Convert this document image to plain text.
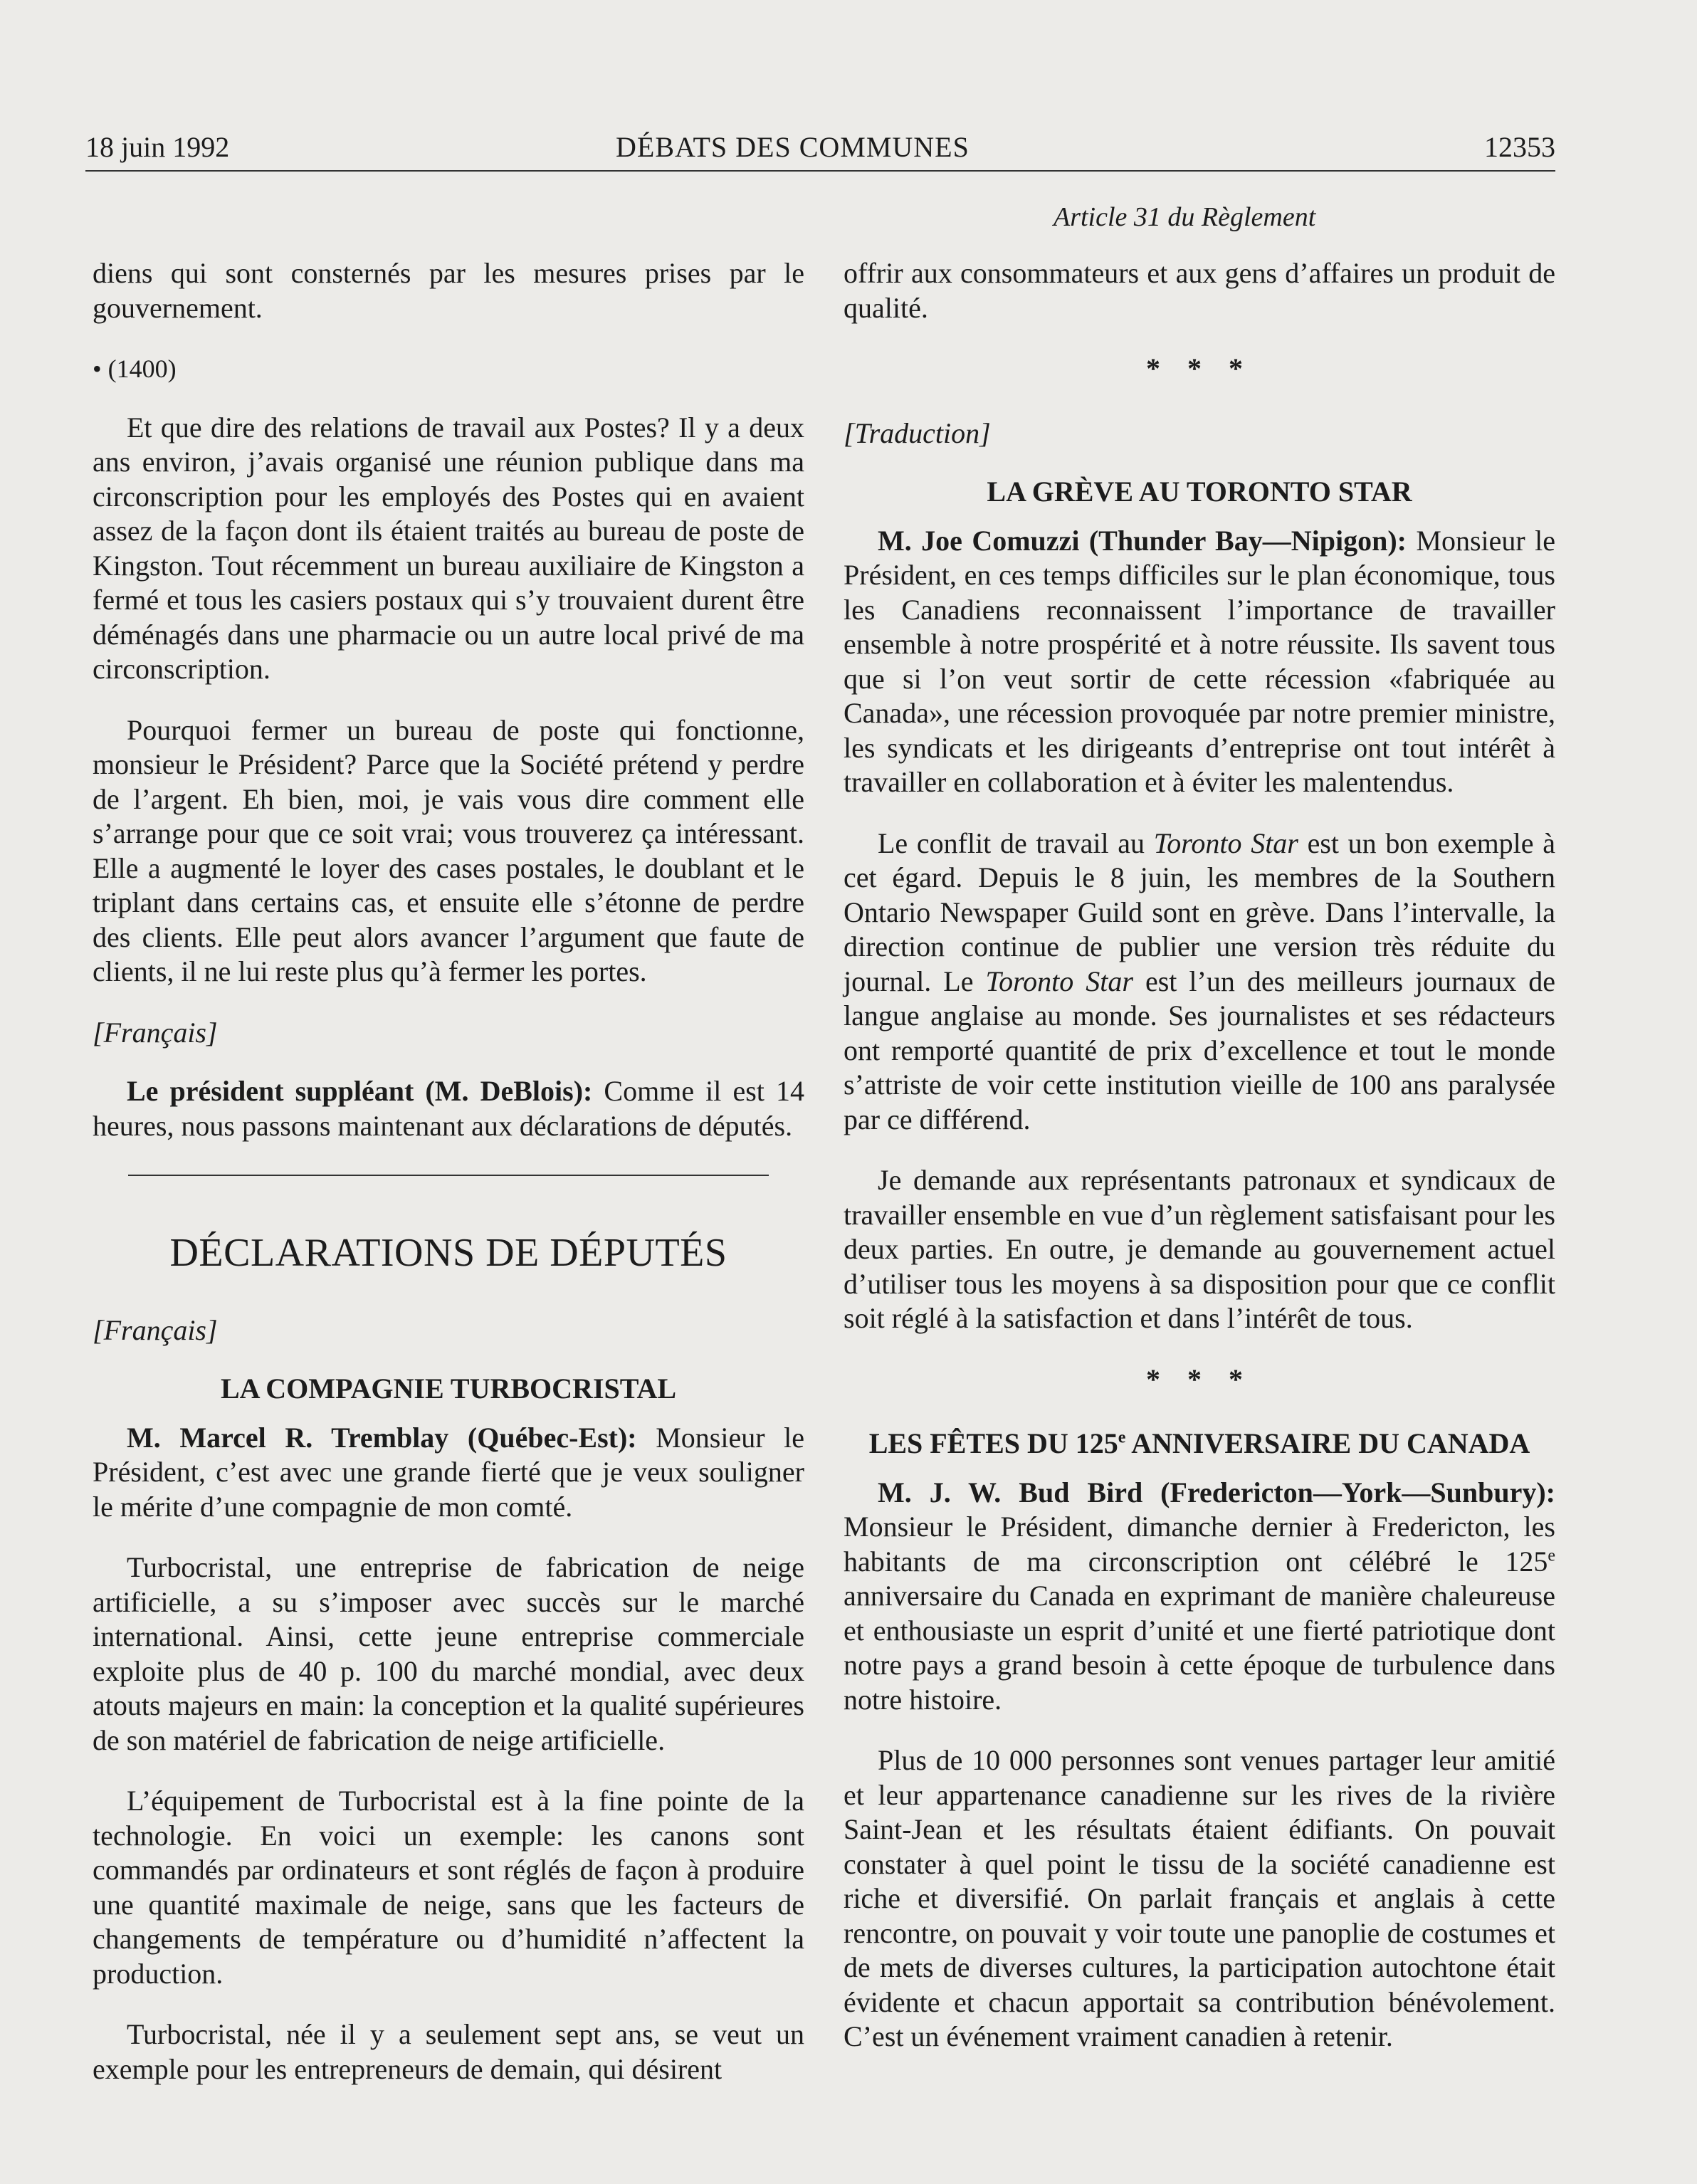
18 juin 1992	DÉBATS DES COMMUNES	12353
Article 31 du Règlement

diens qui sont consternés par les mesures prises par le gouvernement.

• (1400)

Et que dire des relations de travail aux Postes? Il y a deux ans environ, j’avais organisé une réunion publique dans ma circonscription pour les employés des Postes qui en avaient assez de la façon dont ils étaient traités au bureau de poste de Kingston. Tout récemment un bureau auxiliaire de Kingston a fermé et tous les casiers postaux qui s’y trouvaient durent être déménagés dans une pharmacie ou un autre local privé de ma circonscription.

Pourquoi fermer un bureau de poste qui fonctionne, monsieur le Président? Parce que la Société prétend y perdre de l’argent. Eh bien, moi, je vais vous dire comment elle s’arrange pour que ce soit vrai; vous trouverez ça intéressant. Elle a augmenté le loyer des cases postales, le doublant et le triplant dans certains cas, et ensuite elle s’étonne de perdre des clients. Elle peut alors avancer l’argument que faute de clients, il ne lui reste plus qu’à fermer les portes.

[Français]

Le président suppléant (M. DeBlois): Comme il est 14 heures, nous passons maintenant aux déclarations de députés.

DÉCLARATIONS DE DÉPUTÉS
[Français]
LA COMPAGNIE TURBOCRISTAL

M. Marcel R. Tremblay (Québec-Est): Monsieur le Président, c’est avec une grande fierté que je veux souligner le mérite d’une compagnie de mon comté.

Turbocristal, une entreprise de fabrication de neige artificielle, a su s’imposer avec succès sur le marché international. Ainsi, cette jeune entreprise commerciale exploite plus de 40 p. 100 du marché mondial, avec deux atouts majeurs en main: la conception et la qualité supérieures de son matériel de fabrication de neige artificielle.

L’équipement de Turbocristal est à la fine pointe de la technologie. En voici un exemple: les canons sont commandés par ordinateurs et sont réglés de façon à produire une quantité maximale de neige, sans que les facteurs de changements de température ou d’humidité n’affectent la production.

Turbocristal, née il y a seulement sept ans, se veut un exemple pour les entrepreneurs de demain, qui désirent

offrir aux consommateurs et aux gens d’affaires un produit de qualité.

* * *
[Traduction]
LA GRÈVE AU TORONTO STAR

M. Joe Comuzzi (Thunder Bay—Nipigon): Monsieur le Président, en ces temps difficiles sur le plan économique, tous les Canadiens reconnaissent l’importance de travailler ensemble à notre prospérité et à notre réussite. Ils savent tous que si l’on veut sortir de cette récession «fabriquée au Canada», une récession provoquée par notre premier ministre, les syndicats et les dirigeants d’entreprise ont tout intérêt à travailler en collaboration et à éviter les malentendus.

Le conflit de travail au Toronto Star est un bon exemple à cet égard. Depuis le 8 juin, les membres de la Southern Ontario Newspaper Guild sont en grève. Dans l’intervalle, la direction continue de publier une version très réduite du journal. Le Toronto Star est l’un des meilleurs journaux de langue anglaise au monde. Ses journalistes et ses rédacteurs ont remporté quantité de prix d’excellence et tout le monde s’attriste de voir cette institution vieille de 100 ans paralysée par ce différend.

Je demande aux représentants patronaux et syndicaux de travailler ensemble en vue d’un règlement satisfaisant pour les deux parties. En outre, je demande au gouvernement actuel d’utiliser tous les moyens à sa disposition pour que ce conflit soit réglé à la satisfaction et dans l’intérêt de tous.

* * *
LES FÊTES DU 125e ANNIVERSAIRE DU CANADA

M. J. W. Bud Bird (Fredericton—York—Sunbury): Monsieur le Président, dimanche dernier à Fredericton, les habitants de ma circonscription ont célébré le 125e anniversaire du Canada en exprimant de manière chaleureuse et enthousiaste un esprit d’unité et une fierté patriotique dont notre pays a grand besoin à cette époque de turbulence dans notre histoire.

Plus de 10 000 personnes sont venues partager leur amitié et leur appartenance canadienne sur les rives de la rivière Saint-Jean et les résultats étaient édifiants. On pouvait constater à quel point le tissu de la société canadienne est riche et diversifié. On parlait français et anglais à cette rencontre, on pouvait y voir toute une panoplie de costumes et de mets de diverses cultures, la participation autochtone était évidente et chacun apportait sa contribution bénévolement. C’est un événement vraiment canadien à retenir.
